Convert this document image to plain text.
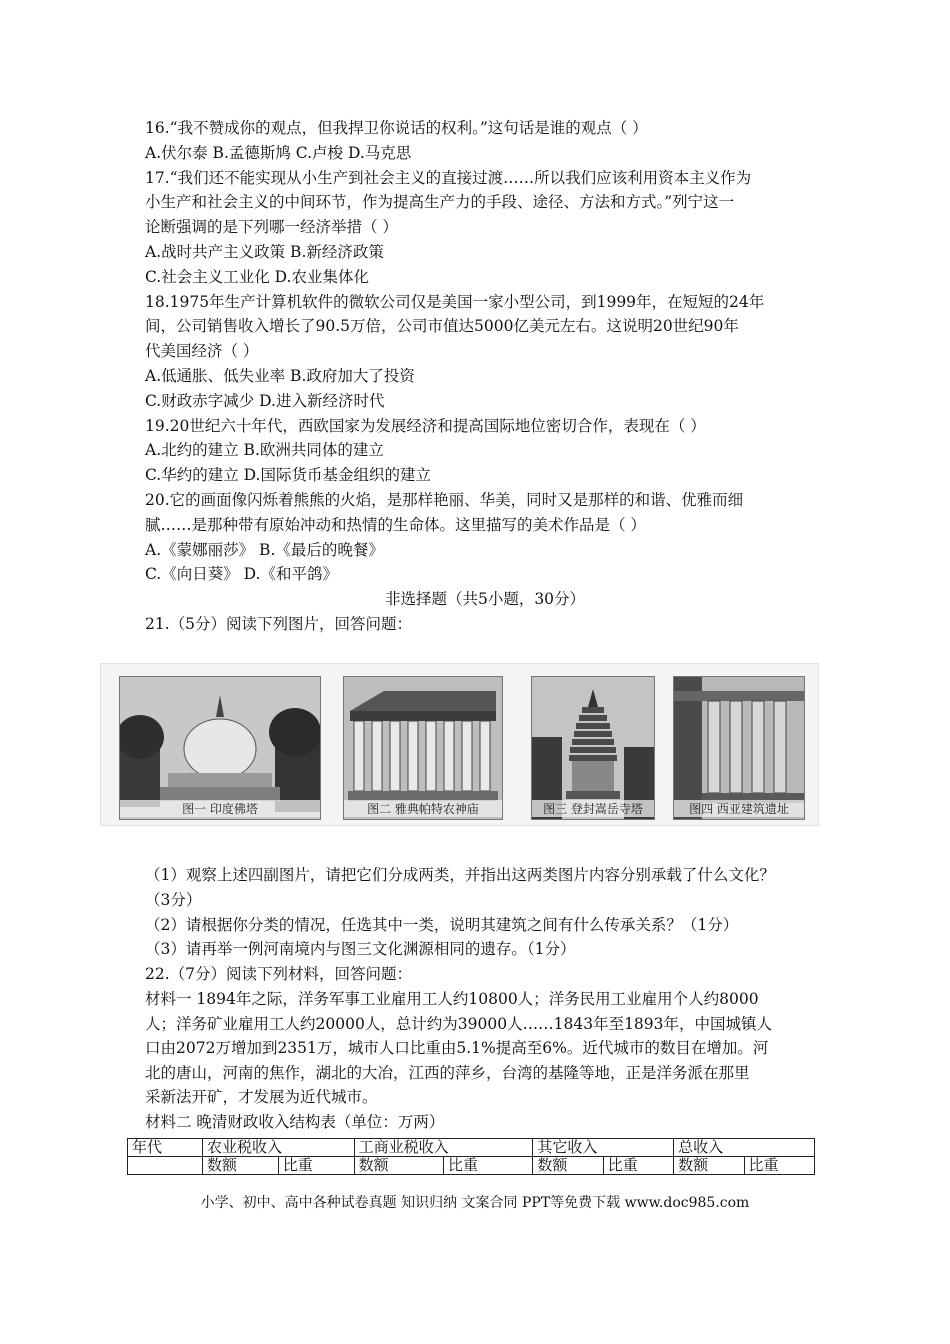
16.“我不赞成你的观点，但我捍卫你说话的权利。”这句话是谁的观点（ ）
A.伏尔泰 B.孟德斯鸠 C.卢梭 D.马克思
17.“我们还不能实现从小生产到社会主义的直接过渡……所以我们应该利用资本主义作为
小生产和社会主义的中间环节，作为提高生产力的手段、途径、方法和方式。”列宁这一
论断强调的是下列哪一经济举措（ ）
A.战时共产主义政策 B.新经济政策
C.社会主义工业化 D.农业集体化
18.1975年生产计算机软件的微软公司仅是美国一家小型公司，到1999年，在短短的24年
间，公司销售收入增长了90.5万倍，公司市值达5000亿美元左右。这说明20世纪90年
代美国经济（ ）
A.低通胀、低失业率 B.政府加大了投资
C.财政赤字减少 D.进入新经济时代
19.20世纪六十年代，西欧国家为发展经济和提高国际地位密切合作，表现在（ ）
A.北约的建立 B.欧洲共同体的建立
C.华约的建立 D.国际货币基金组织的建立
20.它的画面像闪烁着熊熊的火焰，是那样艳丽、华美，同时又是那样的和谐、优雅而细
腻……是那种带有原始冲动和热情的生命体。这里描写的美术作品是（ ）
A.《蒙娜丽莎》 B.《最后的晚餐》
C.《向日葵》 D.《和平鸽》
非选择题（共5小题，30分）
21.（5分）阅读下列图片，回答问题：
图一 印度佛塔	图二 雅典帕特农神庙	图三 登封嵩岳寺塔	图四 西亚建筑遗址
（1）观察上述四副图片，请把它们分成两类，并指出这两类图片内容分别承载了什么文化？
（3分）
（2）请根据你分类的情况，任选其中一类，说明其建筑之间有什么传承关系？（1分）
（3）请再举一例河南境内与图三文化渊源相同的遗存。（1分）
22.（7分）阅读下列材料，回答问题：
材料一 1894年之际，洋务军事工业雇用工人约10800人；洋务民用工业雇用个人约8000
人；洋务矿业雇用工人约20000人，总计约为39000人……1843年至1893年，中国城镇人
口由2072万增加到2351万，城市人口比重由5.1%提高至6%。近代城市的数目在增加。河
北的唐山，河南的焦作，湖北的大冶，江西的萍乡，台湾的基隆等地，正是洋务派在那里
采新法开矿，才发展为近代城市。
材料二 晚清财政收入结构表（单位：万两）
年代	农业税收入		工商业税收入		其它收入		总收入	
	数额	比重	数额	比重	数额	比重	数额	比重
小学、初中、高中各种试卷真题 知识归纳 文案合同 PPT等免费下载 www.doc985.com
